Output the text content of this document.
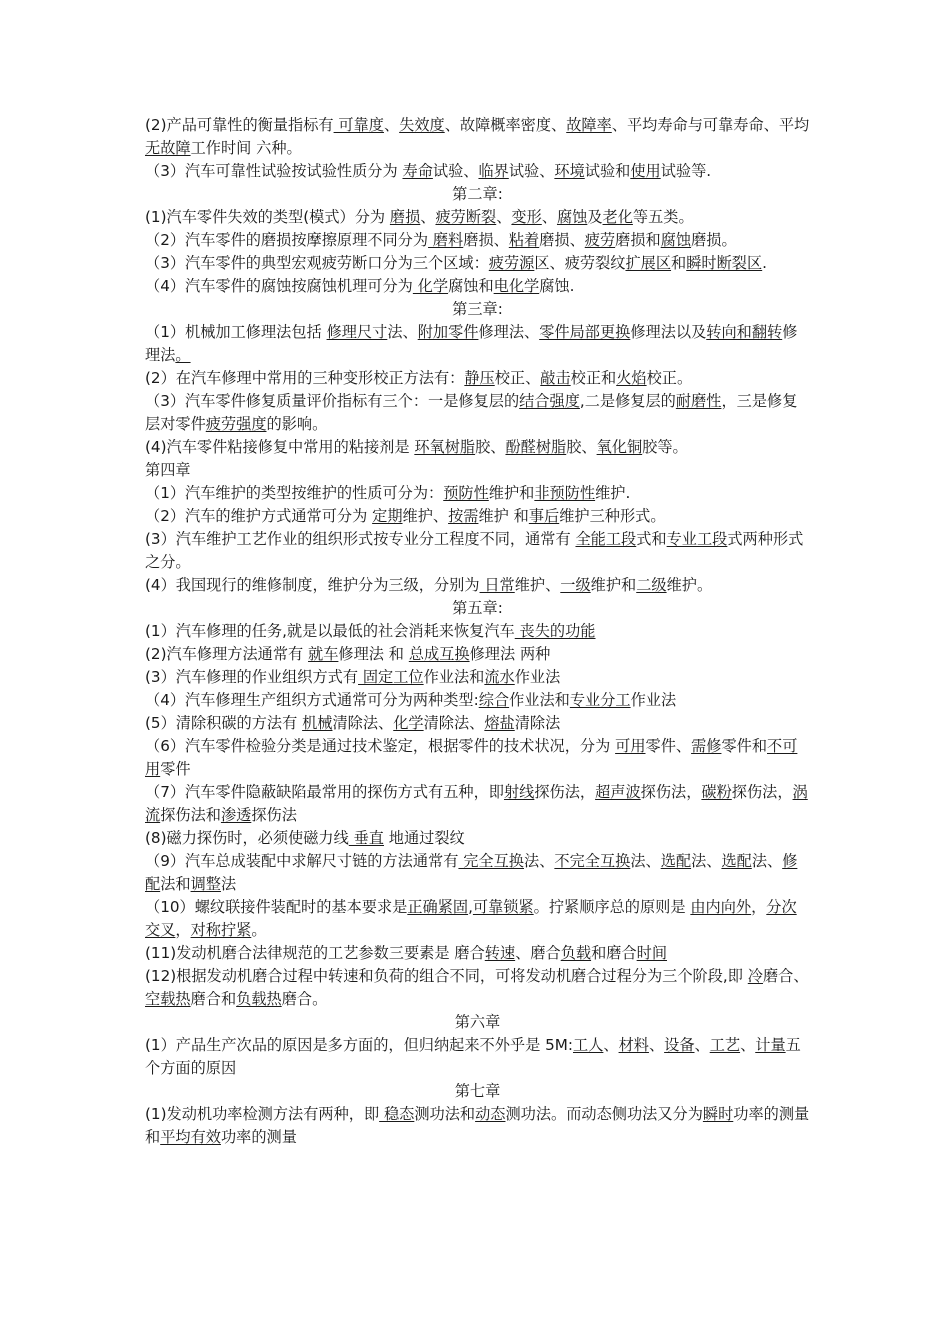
(2)产品可靠性的衡量指标有 可靠度、失效度、故障概率密度、故障率、平均寿命与可靠寿命、平均无故障工作时间 六种。

（3）汽车可靠性试验按试验性质分为 寿命试验、临界试验、环境试验和使用试验等.

第二章:

(1)汽车零件失效的类型(模式）分为 磨损、疲劳断裂、变形、腐蚀及老化等五类。

（2）汽车零件的磨损按摩擦原理不同分为 磨料磨损、粘着磨损、疲劳磨损和腐蚀磨损。

（3）汽车零件的典型宏观疲劳断口分为三个区域：疲劳源区、疲劳裂纹扩展区和瞬时断裂区.

（4）汽车零件的腐蚀按腐蚀机理可分为 化学腐蚀和电化学腐蚀.

第三章:

（1）机械加工修理法包括 修理尺寸法、附加零件修理法、零件局部更换修理法以及转向和翻转修理法。

(2）在汽车修理中常用的三种变形校正方法有：静压校正、敲击校正和火焰校正。

（3）汽车零件修复质量评价指标有三个：一是修复层的结合强度,二是修复层的耐磨性，三是修复层对零件疲劳强度的影响。

(4)汽车零件粘接修复中常用的粘接剂是 环氧树脂胶、酚醛树脂胶、氧化铜胶等。

第四章

（1）汽车维护的类型按维护的性质可分为：预防性维护和非预防性维护.

（2）汽车的维护方式通常可分为 定期维护、按需维护 和事后维护三种形式。

(3）汽车维护工艺作业的组织形式按专业分工程度不同，通常有 全能工段式和专业工段式两种形式之分。

(4）我国现行的维修制度，维护分为三级，分别为 日常维护、一级维护和二级维护。

第五章:

(1）汽车修理的任务,就是以最低的社会消耗来恢复汽车 丧失的功能

(2)汽车修理方法通常有 就车修理法 和 总成互换修理法 两种

(3）汽车修理的作业组织方式有 固定工位作业法和流水作业法

（4）汽车修理生产组织方式通常可分为两种类型:综合作业法和专业分工作业法

(5）清除积碳的方法有 机械清除法、化学清除法、熔盐清除法

（6）汽车零件检验分类是通过技术鉴定，根据零件的技术状况，分为 可用零件、需修零件和不可用零件

（7）汽车零件隐蔽缺陷最常用的探伤方式有五种，即射线探伤法，超声波探伤法，碳粉探伤法，涡流探伤法和渗透探伤法

(8)磁力探伤时，必须使磁力线 垂直 地通过裂纹

（9）汽车总成装配中求解尺寸链的方法通常有 完全互换法、不完全互换法、选配法、选配法、修配法和调整法

（10）螺纹联接件装配时的基本要求是正确紧固,可靠锁紧。拧紧顺序总的原则是 由内向外，分次交叉，对称拧紧。

(11)发动机磨合法律规范的工艺参数三要素是 磨合转速、磨合负载和磨合时间

(12)根据发动机磨合过程中转速和负荷的组合不同，可将发动机磨合过程分为三个阶段,即 冷磨合、空载热磨合和负载热磨合。

第六章

(1）产品生产次品的原因是多方面的，但归纳起来不外乎是 5M:工人、材料、设备、工艺、计量五个方面的原因

第七章

(1)发动机功率检测方法有两种，即 稳态测功法和动态测功法。而动态侧功法又分为瞬时功率的测量 和平均有效功率的测量
